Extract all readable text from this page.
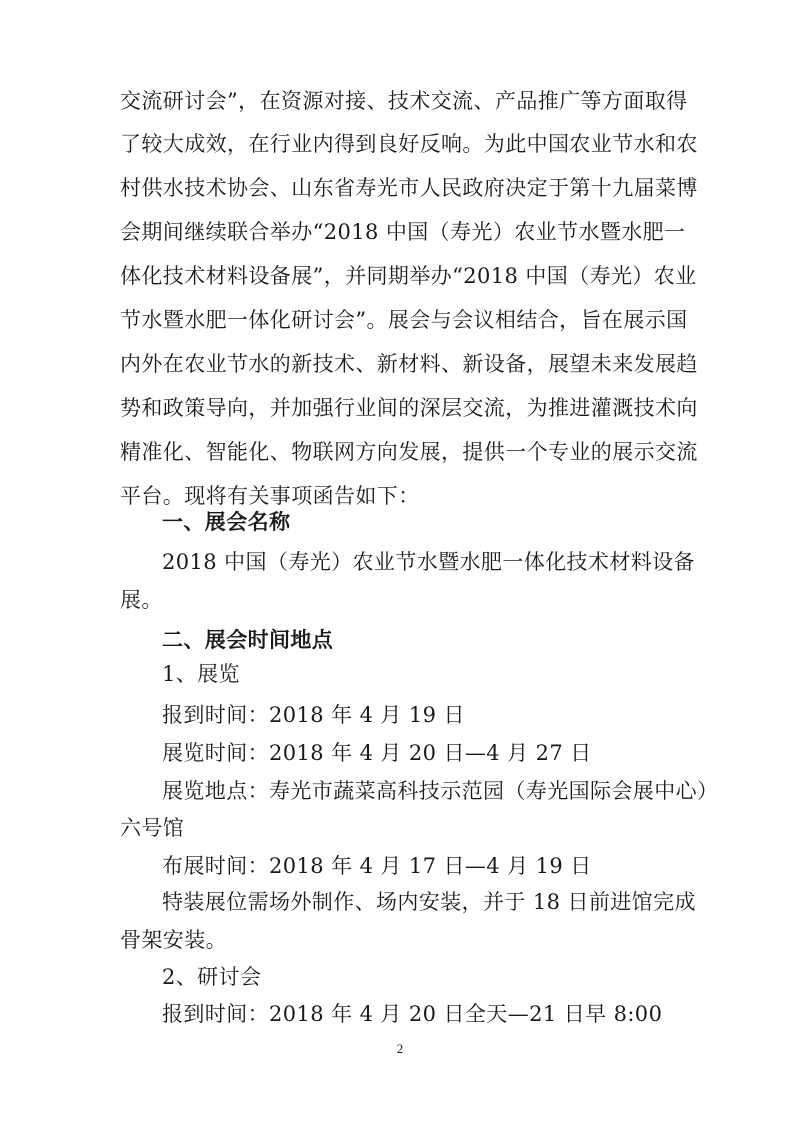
交流研讨会”，在资源对接、技术交流、产品推广等方面取得
了较大成效，在行业内得到良好反响。为此中国农业节水和农
村供水技术协会、山东省寿光市人民政府决定于第十九届菜博
会期间继续联合举办“2018 中国（寿光）农业节水暨水肥一
体化技术材料设备展”，并同期举办“2018 中国（寿光）农业
节水暨水肥一体化研讨会”。展会与会议相结合，旨在展示国
内外在农业节水的新技术、新材料、新设备，展望未来发展趋
势和政策导向，并加强行业间的深层交流，为推进灌溉技术向
精准化、智能化、物联网方向发展，提供一个专业的展示交流
平台。现将有关事项函告如下：
一、展会名称
2018 中国（寿光）农业节水暨水肥一体化技术材料设备
展。
二、展会时间地点
1、展览
报到时间：2018 年 4 月 19 日
展览时间：2018 年 4 月 20 日—4 月 27 日
展览地点：寿光市蔬菜高科技示范园（寿光国际会展中心）
六号馆
布展时间：2018 年 4 月 17 日—4 月 19 日
特装展位需场外制作、场内安装，并于 18 日前进馆完成
骨架安装。
2、研讨会
报到时间：2018 年 4 月 20 日全天—21 日早 8:00
2
